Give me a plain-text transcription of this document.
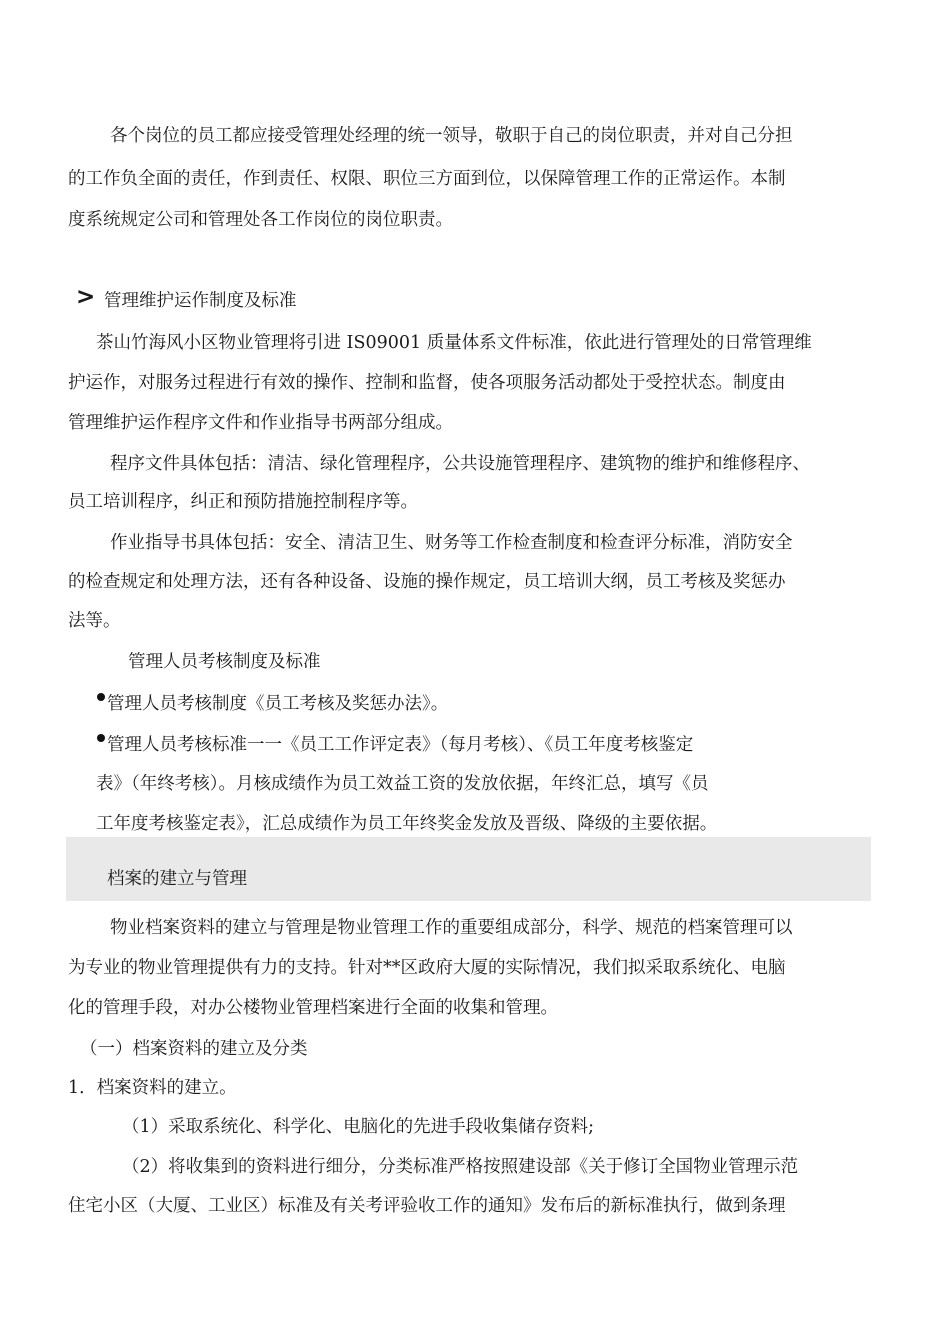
各个岗位的员工都应接受管理处经理的统一领导，敬职于自己的岗位职责，并对自己分担
的工作负全面的责任，作到责任、权限、职位三方面到位，以保障管理工作的正常运作。本制
度系统规定公司和管理处各工作岗位的岗位职责。
> 管理维护运作制度及标准
茶山竹海风小区物业管理将引进 IS09001 质量体系文件标准，依此进行管理处的日常管理维
护运作，对服务过程进行有效的操作、控制和监督，使各项服务活动都处于受控状态。制度由
管理维护运作程序文件和作业指导书两部分组成。
程序文件具体包括：清洁、绿化管理程序，公共设施管理程序、建筑物的维护和维修程序、
员工培训程序，纠正和预防措施控制程序等。
作业指导书具体包括：安全、清洁卫生、财务等工作检查制度和检查评分标准，消防安全
的检查规定和处理方法，还有各种设备、设施的操作规定，员工培训大纲，员工考核及奖惩办
法等。
管理人员考核制度及标准
管理人员考核制度《员工考核及奖惩办法》。
管理人员考核标准一一《员工工作评定表》（每月考核）、《员工年度考核鉴定
表》（年终考核）。月核成绩作为员工效益工资的发放依据，年终汇总，填写《员
工年度考核鉴定表》，汇总成绩作为员工年终奖金发放及晋级、降级的主要依据。
档案的建立与管理
物业档案资料的建立与管理是物业管理工作的重要组成部分，科学、规范的档案管理可以
为专业的物业管理提供有力的支持。针对**区政府大厦的实际情况，我们拟采取系统化、电脑
化的管理手段，对办公楼物业管理档案进行全面的收集和管理。
（一）档案资料的建立及分类
1．档案资料的建立。
（1）采取系统化、科学化、电脑化的先进手段收集储存资料;
（2）将收集到的资料进行细分，分类标准严格按照建设部《关于修订全国物业管理示范
住宅小区（大厦、工业区）标准及有关考评验收工作的通知》发布后的新标准执行，做到条理
